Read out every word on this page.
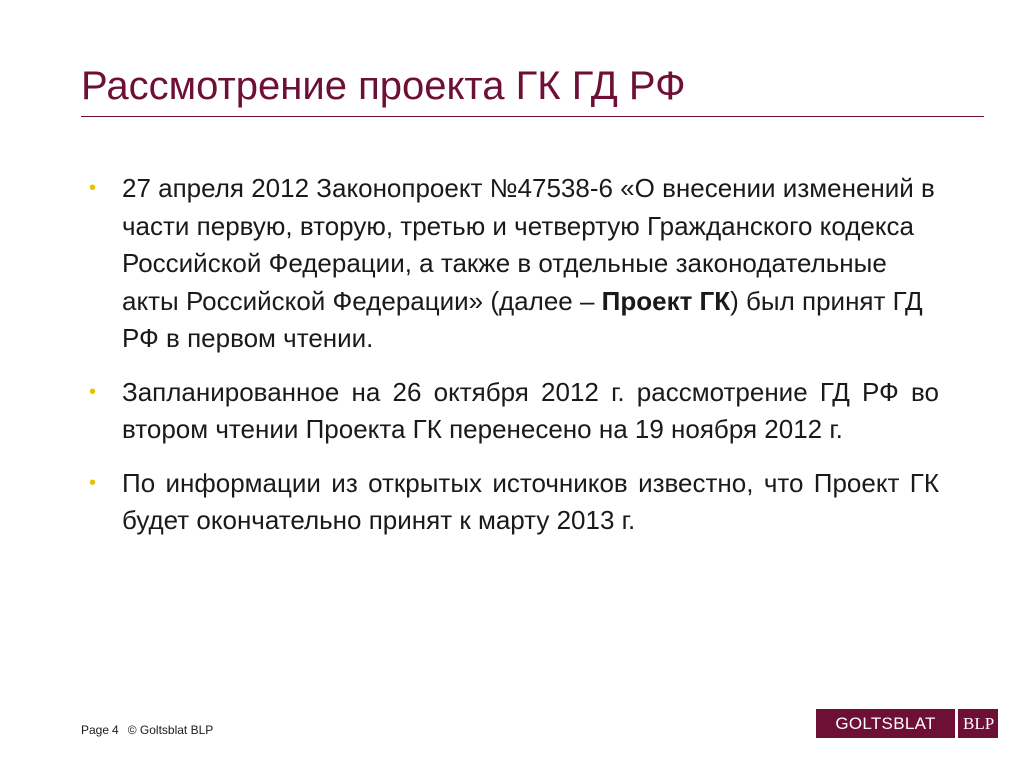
Рассмотрение проекта ГК ГД РФ
• 27 апреля 2012 Законопроект №47538-6 «О внесении изменений в части первую, вторую, третью и четвертую Гражданского кодекса Российской Федерации, а также в отдельные законодательные акты Российской Федерации» (далее – Проект ГК) был принят ГД РФ в первом чтении.
• Запланированное на 26 октября 2012 г. рассмотрение ГД РФ во втором чтении Проекта ГК перенесено на 19 ноября 2012 г.
• По информации из открытых источников известно, что Проект ГК будет окончательно принят к марту 2013 г.
Page 4 © Goltsblat BLP	GOLTSBLAT	BLP
